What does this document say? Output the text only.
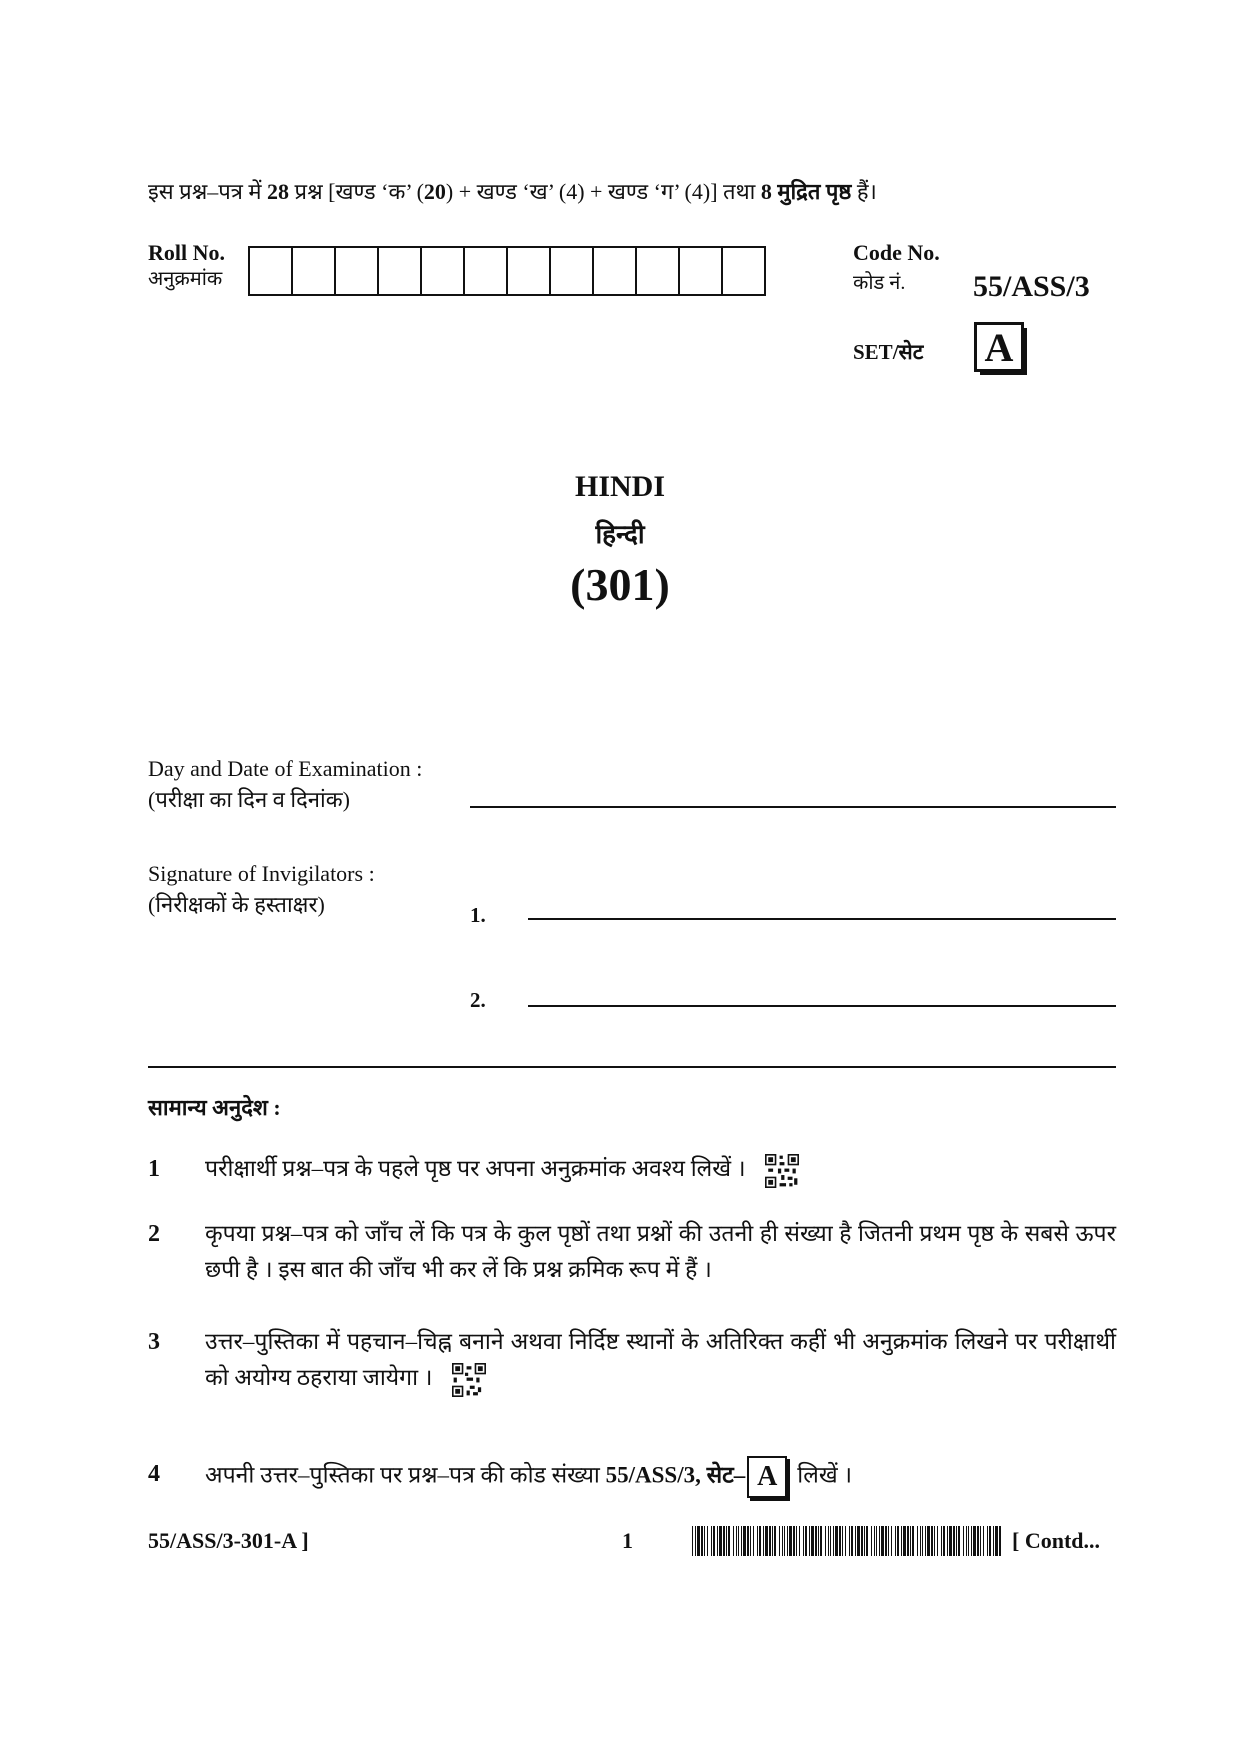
इस प्रश्न–पत्र में 28 प्रश्न [खण्ड ‘क’ (20) + खण्ड ‘ख’ (4) + खण्ड ‘ग’ (4)] तथा 8 मुद्रित पृष्ठ हैं।
Roll No.
अनुक्रमांक
Code No.
कोड नं.	55/ASS/3
SET/सेट A
HINDI
हिन्दी
(301)
Day and Date of Examination :
(परीक्षा का दिन व दिनांक)
Signature of Invigilators :
(निरीक्षकों के हस्ताक्षर)	1.
2.
सामान्य अनुदेश :
1 परीक्षार्थी प्रश्न–पत्र के पहले पृष्ठ पर अपना अनुक्रमांक अवश्य लिखें ।
2 कृपया प्रश्न–पत्र को जाँच लें कि पत्र के कुल पृष्ठों तथा प्रश्नों की उतनी ही संख्या है जितनी प्रथम पृष्ठ के सबसे ऊपर छपी है । इस बात की जाँच भी कर लें कि प्रश्न क्रमिक रूप में हैं ।
3 उत्तर–पुस्तिका में पहचान–चिह्न बनाने अथवा निर्दिष्ट स्थानों के अतिरिक्त कहीं भी अनुक्रमांक लिखने पर परीक्षार्थी को अयोग्य ठहराया जायेगा ।
4 अपनी उत्तर–पुस्तिका पर प्रश्न–पत्र की कोड संख्या 55/ASS/3, सेट– A लिखें ।
55/ASS/3-301-A ]	1	[ Contd...
